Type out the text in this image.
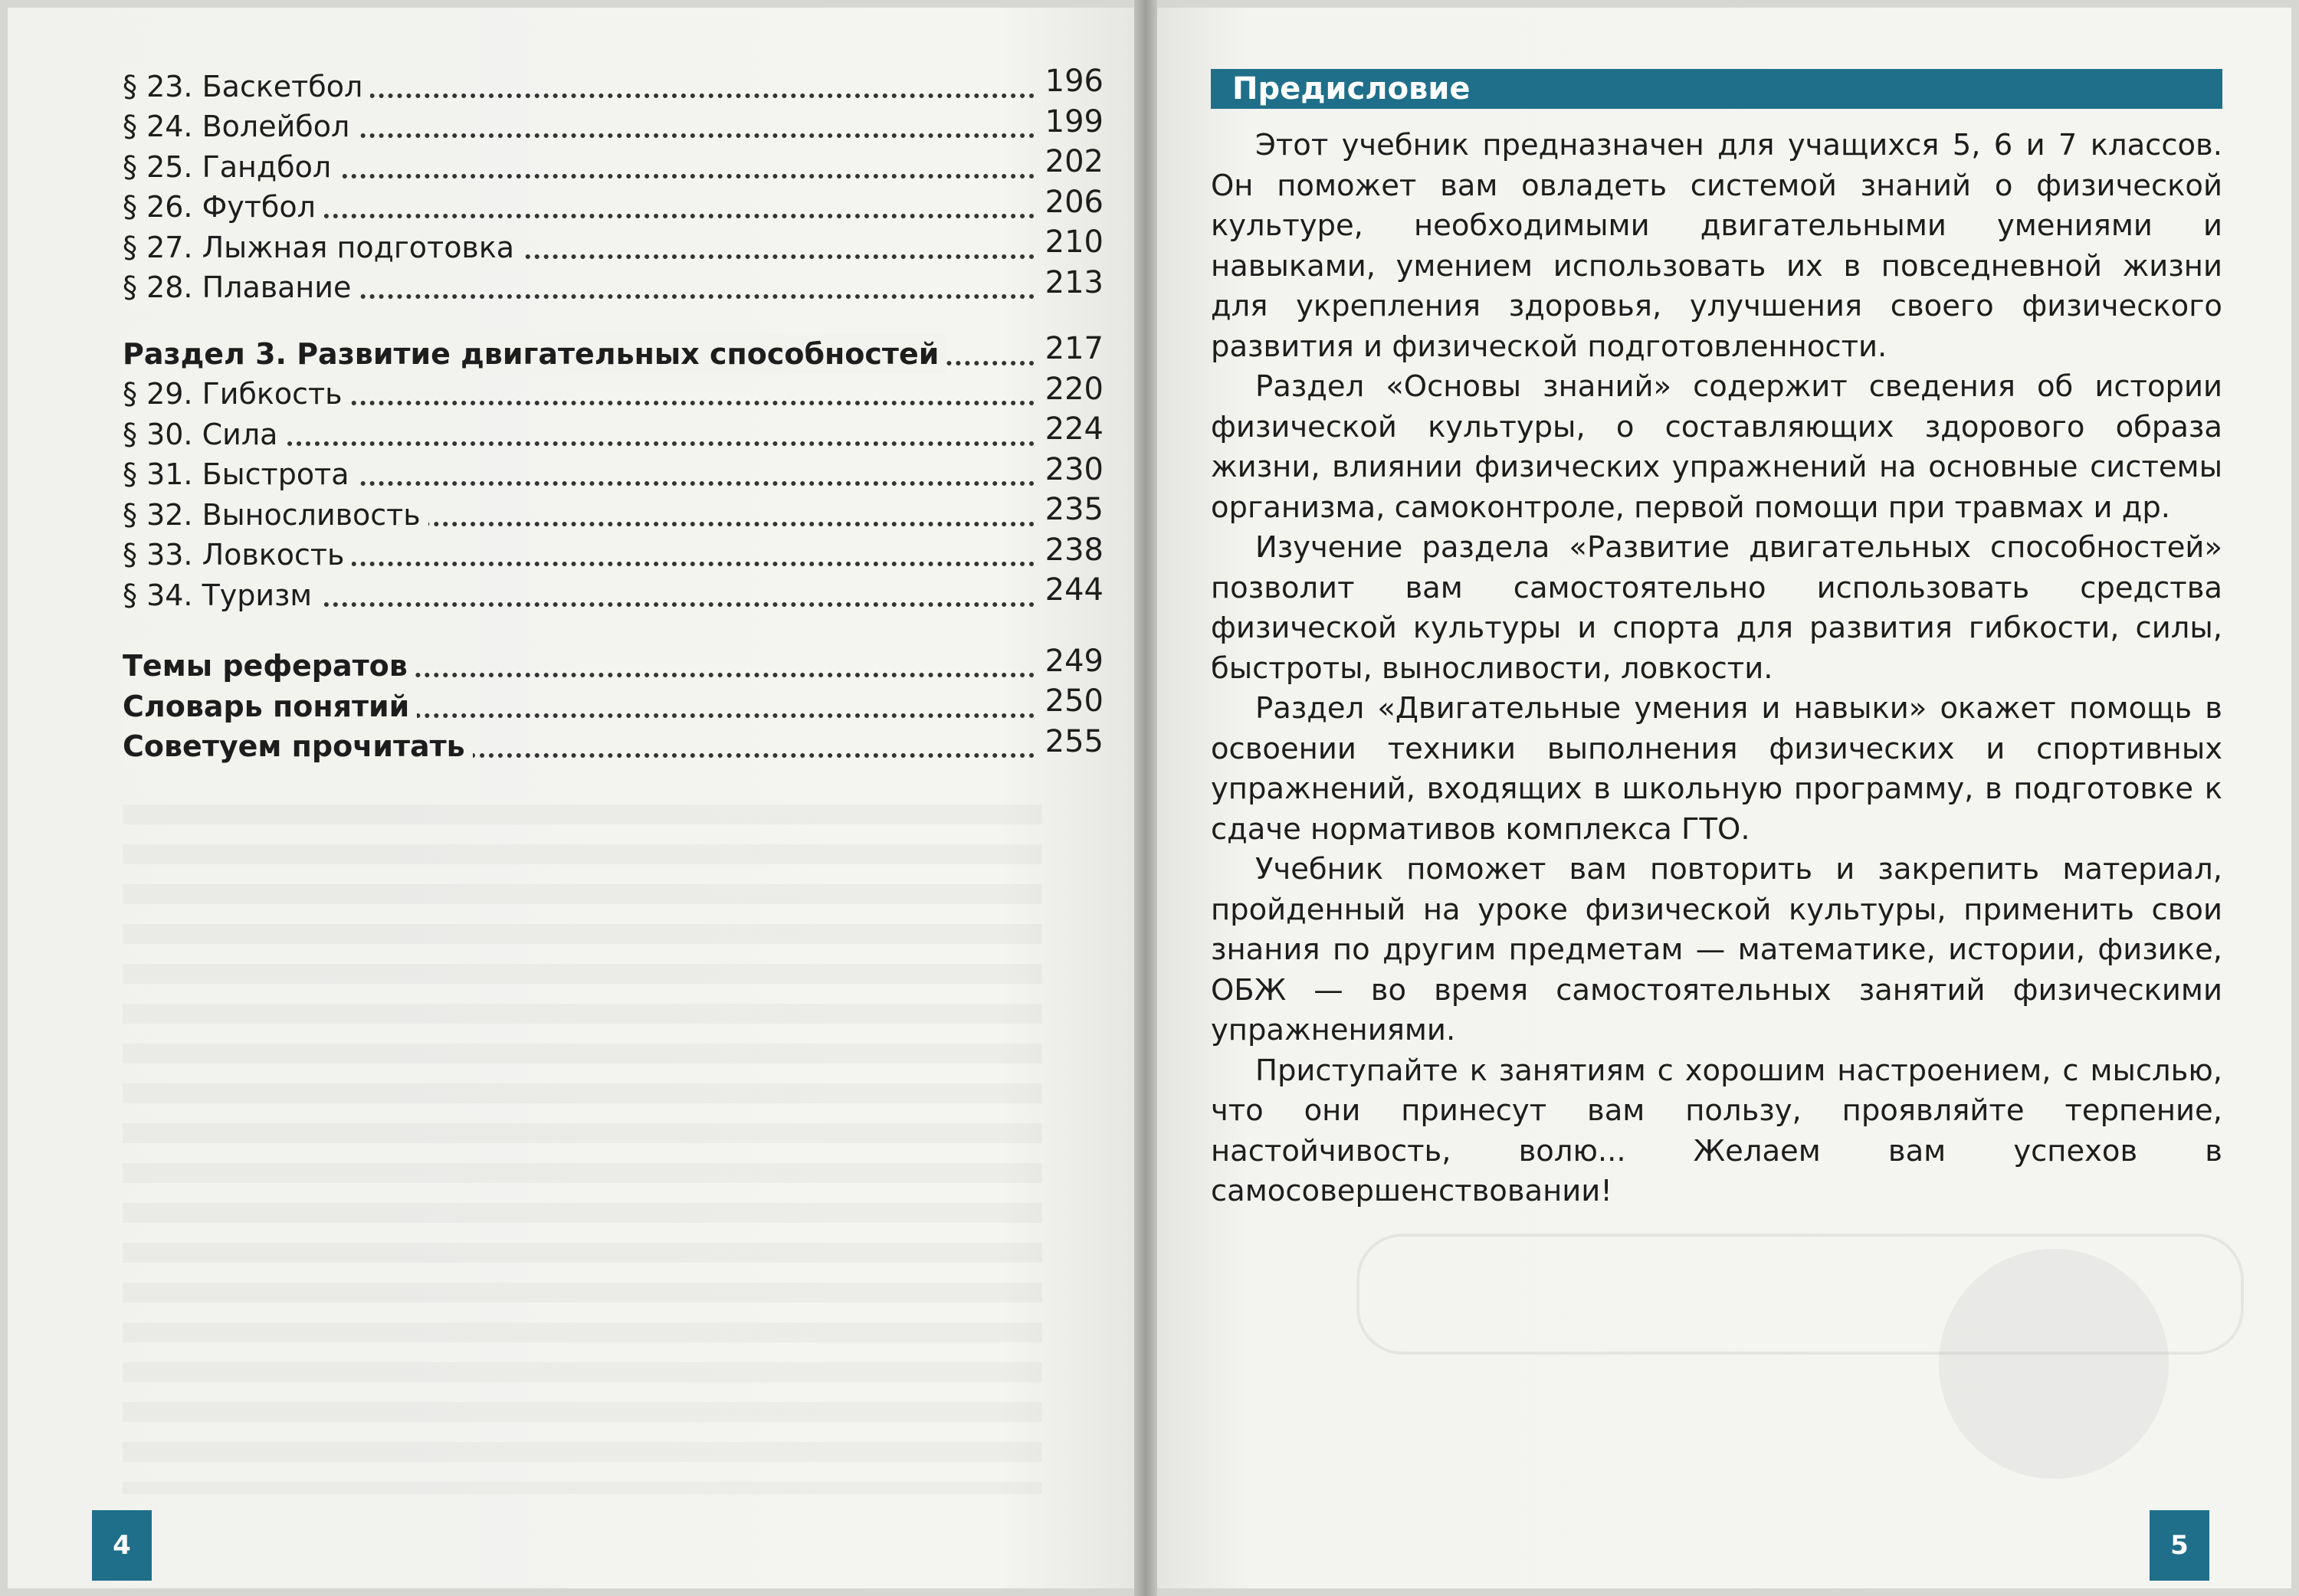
§ 23. Баскетбол	196
§ 24. Волейбол	199
§ 25. Гандбол	202
§ 26. Футбол	206
§ 27. Лыжная подготовка	210
§ 28. Плавание	213
Раздел 3. Развитие двигательных способностей	217
§ 29. Гибкость	220
§ 30. Сила	224
§ 31. Быстрота	230
§ 32. Выносливость	235
§ 33. Ловкость	238
§ 34. Туризм	244
Темы рефератов	249
Словарь понятий	250
Советуем прочитать	255
4
Предисловие

Этот учебник предназначен для учащихся 5, 6 и 7 классов. Он поможет вам овладеть системой знаний о физической культуре, необходимыми двигательными умениями и навыками, умением использовать их в повседневной жизни для укрепления здоровья, улучшения своего физического развития и физической подготовленности.

Раздел «Основы знаний» содержит сведения об истории физической культуры, о составляющих здорового образа жизни, влиянии физических упражнений на основные системы организма, самоконтроле, первой помощи при травмах и др.

Изучение раздела «Развитие двигательных способностей» позволит вам самостоятельно использовать средства физической культуры и спорта для развития гибкости, силы, быстроты, выносливости, ловкости.

Раздел «Двигательные умения и навыки» окажет помощь в освоении техники выполнения физических и спортивных упражнений, входящих в школьную программу, в подготовке к сдаче нормативов комплекса ГТО.

Учебник поможет вам повторить и закрепить материал, пройденный на уроке физической культуры, применить свои знания по другим предметам — математике, истории, физике, ОБЖ — во время самостоятельных занятий физическими упражнениями.

Приступайте к занятиям с хорошим настроением, с мыслью, что они принесут вам пользу, проявляйте терпение, настойчивость, волю... Желаем вам успехов в самосовершенствовании!

5
